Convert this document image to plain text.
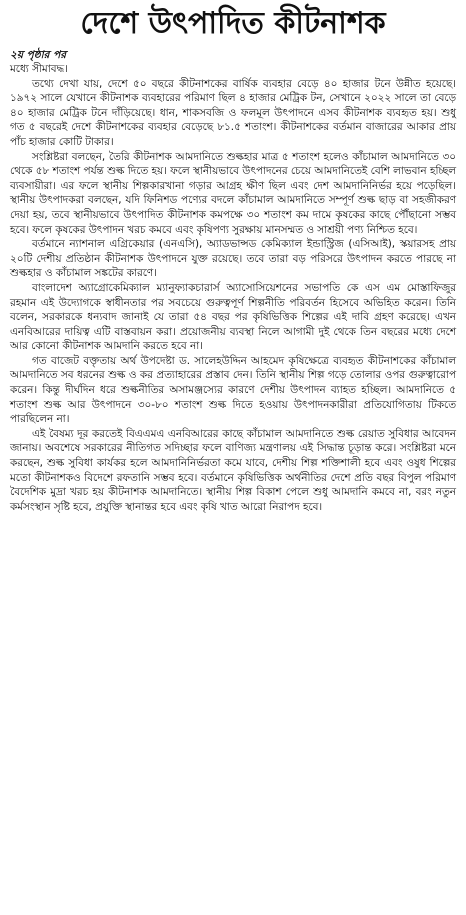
দেশে উৎপাদিত কীটনাশক

২য় পৃষ্ঠার পর

মধ্যে সীমাবদ্ধ।

তথ্যে দেখা যায়, দেশে ৫০ বছরে কীটনাশকের বার্ষিক ব্যবহার বেড়ে ৪০ হাজার টনে উন্নীত হয়েছে। ১৯৭২ সালে যেখানে কীটনাশক ব্যবহারের পরিমাণ ছিল ৪ হাজার মেট্রিক টন, সেখানে ২০২২ সালে তা বেড়ে ৪০ হাজার মেট্রিক টনে দাঁড়িয়েছে। ধান, শাকসবজি ও ফলমূল উৎপাদনে এসব কীটনাশক ব্যবহৃত হয়। শুধু গত ৫ বছরেই দেশে কীটনাশকের ব্যবহার বেড়েছে ৮১.৫ শতাংশ। কীটনাশকের বর্তমান বাজারের আকার প্রায় পাঁচ হাজার কোটি টাকার।

সংশ্লিষ্টরা বলছেন, তৈরি কীটনাশক আমদানিতে শুল্কহার মাত্র ৫ শতাংশ হলেও কাঁচামাল আমদানিতে ৩০ থেকে ৫৮ শতাংশ পর্যন্ত শুল্ক দিতে হয়। ফলে স্থানীয়ভাবে উৎপাদনের চেয়ে আমদানিতেই বেশি লাভবান হচ্ছিল ব্যবসায়ীরা। এর ফলে স্থানীয় শিল্পকারখানা গড়ার আগ্রহ ক্ষীণ ছিল এবং দেশ আমদানিনির্ভর হয়ে পড়েছিল। স্থানীয় উৎপাদকরা বলছেন, যদি ফিনিশড পণ্যের বদলে কাঁচামাল আমদানিতে সম্পূর্ণ শুল্ক ছাড় বা সহজীকরণ দেয়া হয়, তবে স্থানীয়ভাবে উৎপাদিত কীটনাশক কমপক্ষে ৩০ শতাংশ কম দামে কৃষকের কাছে পৌঁছানো সম্ভব হবে। ফলে কৃষকের উৎপাদন খরচ কমবে এবং কৃষিপণ্য সুরক্ষায় মানসম্মত ও সাশ্রয়ী পণ্য নিশ্চিত হবে।

বর্তমানে ন্যাশনাল এগ্রিকেয়ার (এনএসি), অ্যাডভান্সড কেমিক্যাল ইন্ডাস্ট্রিজ (এসিআই), স্কয়ারসহ প্রায় ২০টি দেশীয় প্রতিষ্ঠান কীটনাশক উৎপাদনে যুক্ত রয়েছে। তবে তারা বড় পরিসরে উৎপাদন করতে পারছে না শুল্কহার ও কাঁচামাল সঙ্কটের কারণে।

বাংলাদেশ অ্যাগ্রোকেমিক্যাল ম্যানুফ্যাকচারার্স অ্যাসোসিয়েশনের সভাপতি কে এস এম মোস্তাফিজুর রহমান এই উদ্যোগকে স্বাধীনতার পর সবচেয়ে গুরুত্বপূর্ণ শিল্পনীতি পরিবর্তন হিসেবে অভিহিত করেন। তিনি বলেন, সরকারকে ধন্যবাদ জানাই যে তারা ৫৪ বছর পর কৃষিভিত্তিক শিল্পের এই দাবি গ্রহণ করেছে। এখন এনবিআরের দায়িত্ব এটি বাস্তবায়ন করা। প্রয়োজনীয় ব্যবস্থা নিলে আগামী দুই থেকে তিন বছরের মধ্যে দেশে আর কোনো কীটনাশক আমদানি করতে হবে না।

গত বাজেট বক্তৃতায় অর্থ উপদেষ্টা ড. সালেহউদ্দিন আহমেদ কৃষিক্ষেত্রে ব্যবহৃত কীটনাশকের কাঁচামাল আমদানিতে সব ধরনের শুল্ক ও কর প্রত্যাহারের প্রস্তাব দেন। তিনি স্থানীয় শিল্প গড়ে তোলার ওপর গুরুত্বারোপ করেন। কিন্তু দীর্ঘদিন ধরে শুল্কনীতির অসামঞ্জস্যের কারণে দেশীয় উৎপাদন ব্যাহত হচ্ছিল। আমদানিতে ৫ শতাংশ শুল্ক আর উৎপাদনে ৩০-৮০ শতাংশ শুল্ক দিতে হওয়ায় উৎপাদনকারীরা প্রতিযোগিতায় টিকতে পারছিলেন না।

এই বৈষম্য দূর করতেই বিএএমএ এনবিআরের কাছে কাঁচামাল আমদানিতে শুল্ক রেয়াত সুবিধার আবেদন জানায়। অবশেষে সরকারের নীতিগত সদিচ্ছার ফলে বাণিজ্য মন্ত্রণালয় এই সিদ্ধান্ত চূড়ান্ত করে। সংশ্লিষ্টরা মনে করছেন, শুল্ক সুবিধা কার্যকর হলে আমদানিনির্ভরতা কমে যাবে, দেশীয় শিল্প শক্তিশালী হবে এবং ওষুধ শিল্পের মতো কীটনাশকও বিদেশে রফতানি সম্ভব হবে। বর্তমানে কৃষিভিত্তিক অর্থনীতির দেশে প্রতি বছর বিপুল পরিমাণ বৈদেশিক মুদ্রা খরচ হয় কীটনাশক আমদানিতে। স্থানীয় শিল্প বিকাশ পেলে শুধু আমদানি কমবে না, বরং নতুন কর্মসংস্থান সৃষ্টি হবে, প্রযুক্তি স্থানান্তর হবে এবং কৃষি খাত আরো নিরাপদ হবে।
